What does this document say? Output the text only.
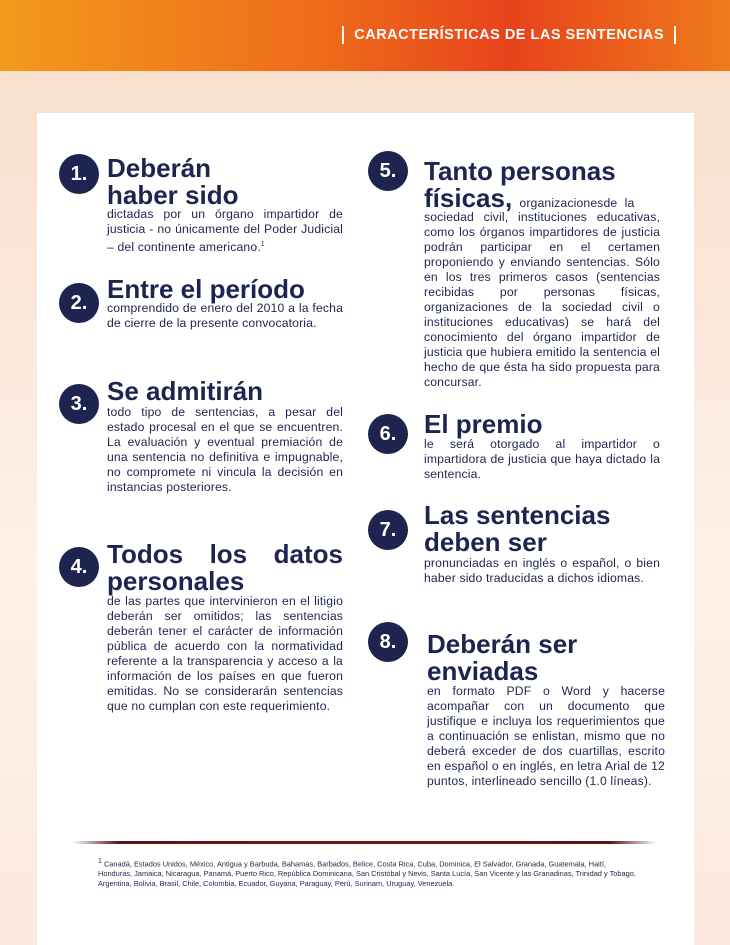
CARACTERÍSTICAS DE LAS SENTENCIAS
1. Deberán
haber sido
dictadas por un órgano impartidor de justicia - no únicamente del Poder Judicial – del continente americano.$^1$
2. Entre el período
comprendido de enero del 2010 a la fecha de cierre de la presente convocatoria.
3. Se admitirán
todo tipo de sentencias, a pesar del estado procesal en el que se encuentren. La evaluación y eventual premiación de una sentencia no definitiva e impugnable, no compromete ni vincula la decisión en instancias posteriores.
4. Todos los datos
personales
de las partes que intervinieron en el litigio deberán ser omitidos; las sentencias deberán tener el carácter de información pública de acuerdo con la normatividad referente a la transparencia y acceso a la información de los países en que fueron emitidas. No se considerarán sentencias que no cumplan con este requerimiento.
5.	Tanto personas
físicas, organizacionesde la
sociedad civil, instituciones educativas, como los órganos impartidores de justicia podrán participar en el certamen proponiendo y enviando sentencias. Sólo en los tres primeros casos (sentencias recibidas por personas físicas, organizaciones de la sociedad civil o instituciones educativas) se hará del conocimiento del órgano impartidor de justicia que hubiera emitido la sentencia el hecho de que ésta ha sido propuesta para concursar.
6.	El premio
le será otorgado al impartidor o impartidora de justicia que haya dictado la sentencia.
7.	Las sentencias
deben ser
pronunciadas en inglés o español, o bien haber sido traducidas a dichos idiomas.
8.	Deberán ser
enviadas
en formato PDF o Word y hacerse acompañar con un documento que justifique e incluya los requerimientos que a continuación se enlistan, mismo que no deberá exceder de dos cuartillas, escrito en español o en inglés, en letra Arial de 12 puntos, interlineado sencillo (1.0 líneas).
1 Canadá, Estados Unidos, México, Antigua y Barbuda, Bahamas, Barbados, Belice, Costa Rica, Cuba, Dominica, El Salvador, Granada, Guatemala, Haití, Honduras, Jamaica, Nicaragua, Panamá, Puerto Rico, República Dominicana, San Cristóbal y Nevis, Santa Lucía, San Vicente y las Granadinas, Trinidad y Tobago, Argentina, Bolivia, Brasil, Chile, Colombia, Ecuador, Guyana, Paraguay, Perú, Surinam, Uruguay, Venezuela.
